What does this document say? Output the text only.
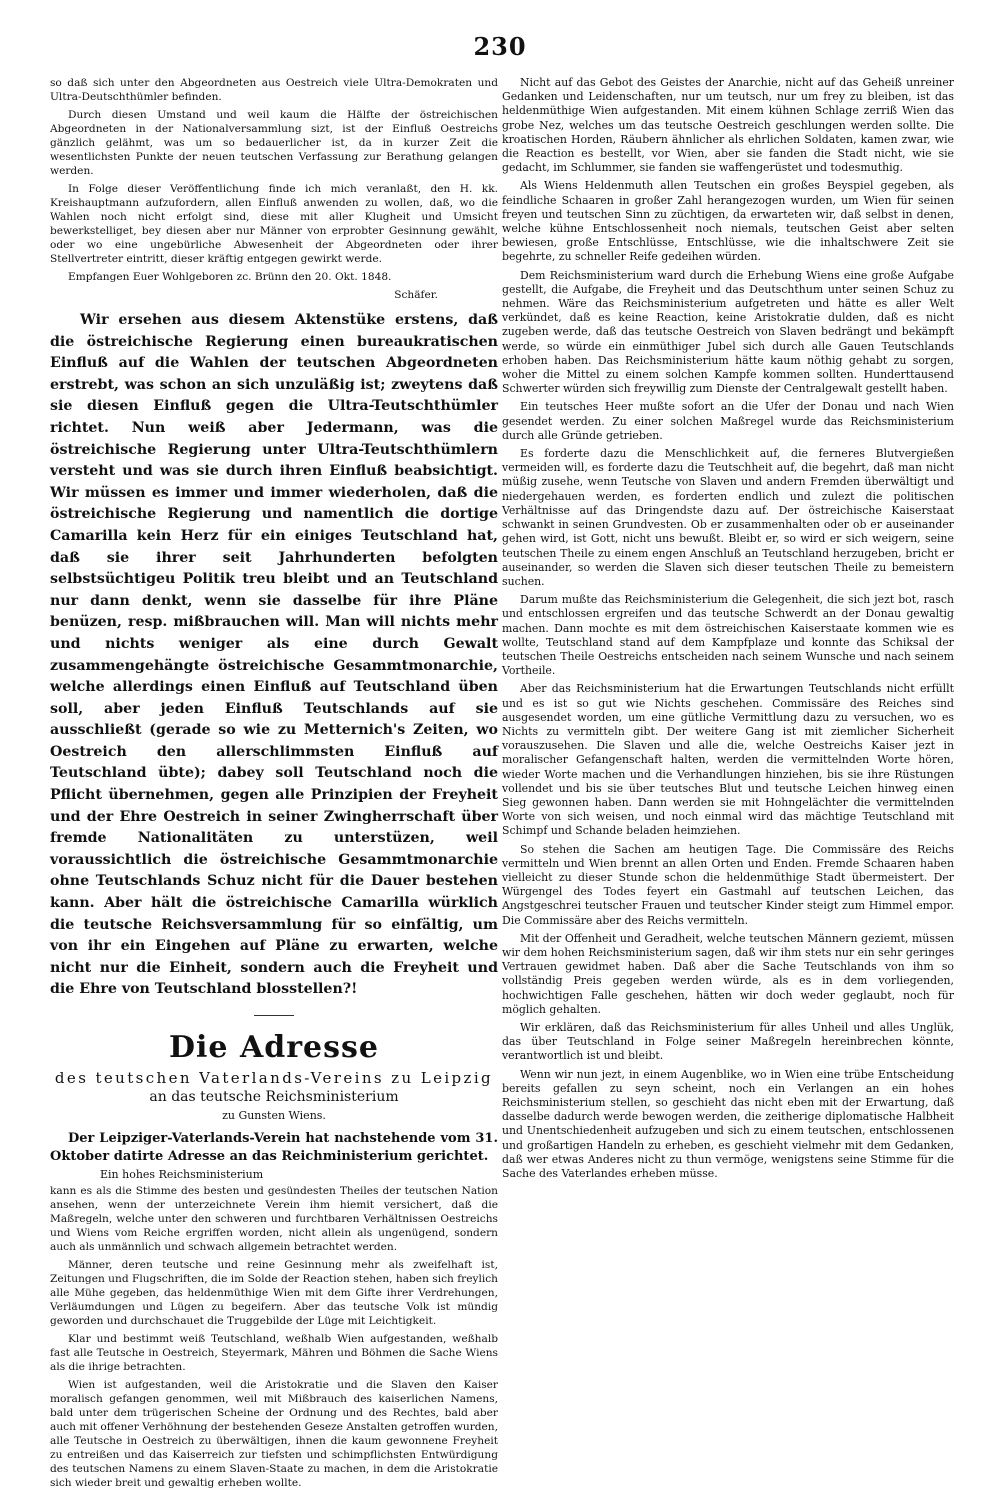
230

so daß sich unter den Abgeordneten aus Oestreich viele Ultra-Demokraten und Ultra-Deutschthümler befinden.

Durch diesen Umstand und weil kaum die Hälfte der östreichischen Abgeordneten in der Nationalversammlung sizt, ist der Einfluß Oestreichs gänzlich gelähmt, was um so bedauerlicher ist, da in kurzer Zeit die wesentlichsten Punkte der neuen teutschen Verfassung zur Berathung gelangen werden.

In Folge dieser Veröffentlichung finde ich mich veranlaßt, den H. kk. Kreishauptmann aufzufordern, allen Einfluß anwenden zu wollen, daß, wo die Wahlen noch nicht erfolgt sind, diese mit aller Klugheit und Umsicht bewerkstelliget, bey diesen aber nur Männer von erprobter Gesinnung gewählt, oder wo eine ungebürliche Abwesenheit der Abgeordneten oder ihrer Stellvertreter eintritt, dieser kräftig entgegen gewirkt werde.

Empfangen Euer Wohlgeboren zc. Brünn den 20. Okt. 1848.

Schäfer.

Wir ersehen aus diesem Aktenstüke erstens, daß die östreichische Regierung einen bureaukratischen Einfluß auf die Wahlen der teutschen Abgeordneten erstrebt, was schon an sich unzuläßig ist; zweytens daß sie diesen Einfluß gegen die Ultra-Teutschthümler richtet. Nun weiß aber Jedermann, was die östreichische Regierung unter Ultra-Teutschthümlern versteht und was sie durch ihren Einfluß beabsichtigt. Wir müssen es immer und immer wiederholen, daß die östreichische Regierung und namentlich die dortige Camarilla kein Herz für ein einiges Teutschland hat, daß sie ihrer seit Jahrhunderten befolgten selbstsüchtigeu Politik treu bleibt und an Teutschland nur dann denkt, wenn sie dasselbe für ihre Pläne benüzen, resp. mißbrauchen will. Man will nichts mehr und nichts weniger als eine durch Gewalt zusammengehängte östreichische Gesammtmonarchie, welche allerdings einen Einfluß auf Teutschland üben soll, aber jeden Einfluß Teutschlands auf sie ausschließt (gerade so wie zu Metternich's Zeiten, wo Oestreich den allerschlimmsten Einfluß auf Teutschland übte); dabey soll Teutschland noch die Pflicht übernehmen, gegen alle Prinzipien der Freyheit und der Ehre Oestreich in seiner Zwingherrschaft über fremde Nationalitäten zu unterstüzen, weil voraussichtlich die östreichische Gesammtmonarchie ohne Teutschlands Schuz nicht für die Dauer bestehen kann. Aber hält die östreichische Camarilla würklich die teutsche Reichsversammlung für so einfältig, um von ihr ein Eingehen auf Pläne zu erwarten, welche nicht nur die Einheit, sondern auch die Freyheit und die Ehre von Teutschland blosstellen?!

Die Adresse
des teutschen Vaterlands-Vereins zu Leipzig
an das teutsche Reichsministerium
zu Gunsten Wiens.

Der Leipziger-Vaterlands-Verein hat nachstehende vom 31. Oktober datirte Adresse an das Reichministerium gerichtet.

Ein hohes Reichsministerium

kann es als die Stimme des besten und gesündesten Theiles der teutschen Nation ansehen, wenn der unterzeichnete Verein ihm hiemit versichert, daß die Maßregeln, welche unter den schweren und furchtbaren Verhältnissen Oestreichs und Wiens vom Reiche ergriffen worden, nicht allein als ungenügend, sondern auch als unmännlich und schwach allgemein betrachtet werden.

Männer, deren teutsche und reine Gesinnung mehr als zweifelhaft ist, Zeitungen und Flugschriften, die im Solde der Reaction stehen, haben sich freylich alle Mühe gegeben, das heldenmüthige Wien mit dem Gifte ihrer Verdrehungen, Verläumdungen und Lügen zu begeifern. Aber das teutsche Volk ist mündig geworden und durchschauet die Truggebilde der Lüge mit Leichtigkeit.

Klar und bestimmt weiß Teutschland, weßhalb Wien aufgestanden, weßhalb fast alle Teutsche in Oestreich, Steyermark, Mähren und Böhmen die Sache Wiens als die ihrige betrachten.

Wien ist aufgestanden, weil die Aristokratie und die Slaven den Kaiser moralisch gefangen genommen, weil mit Mißbrauch des kaiserlichen Namens, bald unter dem trügerischen Scheine der Ordnung und des Rechtes, bald aber auch mit offener Verhöhnung der bestehenden Geseze Anstalten getroffen wurden, alle Teutsche in Oestreich zu überwältigen, ihnen die kaum gewonnene Freyheit zu entreißen und das Kaiserreich zur tiefsten und schimpflichsten Entwürdigung des teutschen Namens zu einem Slaven-Staate zu machen, in dem die Aristokratie sich wieder breit und gewaltig erheben wollte.

Nicht auf das Gebot des Geistes der Anarchie, nicht auf das Geheiß unreiner Gedanken und Leidenschaften, nur um teutsch, nur um frey zu bleiben, ist das heldenmüthige Wien aufgestanden. Mit einem kühnen Schlage zerriß Wien das grobe Nez, welches um das teutsche Oestreich geschlungen werden sollte. Die kroatischen Horden, Räubern ähnlicher als ehrlichen Soldaten, kamen zwar, wie die Reaction es bestellt, vor Wien, aber sie fanden die Stadt nicht, wie sie gedacht, im Schlummer, sie fanden sie waffengerüstet und todesmuthig.

Als Wiens Heldenmuth allen Teutschen ein großes Beyspiel gegeben, als feindliche Schaaren in großer Zahl herangezogen wurden, um Wien für seinen freyen und teutschen Sinn zu züchtigen, da erwarteten wir, daß selbst in denen, welche kühne Entschlossenheit noch niemals, teutschen Geist aber selten bewiesen, große Entschlüsse, Entschlüsse, wie die inhaltschwere Zeit sie begehrte, zu schneller Reife gedeihen würden.

Dem Reichsministerium ward durch die Erhebung Wiens eine große Aufgabe gestellt, die Aufgabe, die Freyheit und das Deutschthum unter seinen Schuz zu nehmen. Wäre das Reichsministerium aufgetreten und hätte es aller Welt verkündet, daß es keine Reaction, keine Aristokratie dulden, daß es nicht zugeben werde, daß das teutsche Oestreich von Slaven bedrängt und bekämpft werde, so würde ein einmüthiger Jubel sich durch alle Gauen Teutschlands erhoben haben. Das Reichsministerium hätte kaum nöthig gehabt zu sorgen, woher die Mittel zu einem solchen Kampfe kommen sollten. Hunderttausend Schwerter würden sich freywillig zum Dienste der Centralgewalt gestellt haben.

Ein teutsches Heer mußte sofort an die Ufer der Donau und nach Wien gesendet werden. Zu einer solchen Maßregel wurde das Reichsministerium durch alle Gründe getrieben.

Es forderte dazu die Menschlichkeit auf, die ferneres Blutvergießen vermeiden will, es forderte dazu die Teutschheit auf, die begehrt, daß man nicht müßig zusehe, wenn Teutsche von Slaven und andern Fremden überwältigt und niedergehauen werden, es forderten endlich und zulezt die politischen Verhältnisse auf das Dringendste dazu auf. Der östreichische Kaiserstaat schwankt in seinen Grundvesten. Ob er zusammenhalten oder ob er auseinander gehen wird, ist Gott, nicht uns bewußt. Bleibt er, so wird er sich weigern, seine teutschen Theile zu einem engen Anschluß an Teutschland herzugeben, bricht er auseinander, so werden die Slaven sich dieser teutschen Theile zu bemeistern suchen.

Darum mußte das Reichsministerium die Gelegenheit, die sich jezt bot, rasch und entschlossen ergreifen und das teutsche Schwerdt an der Donau gewaltig machen. Dann mochte es mit dem östreichischen Kaiserstaate kommen wie es wollte, Teutschland stand auf dem Kampfplaze und konnte das Schiksal der teutschen Theile Oestreichs entscheiden nach seinem Wunsche und nach seinem Vortheile.

Aber das Reichsministerium hat die Erwartungen Teutschlands nicht erfüllt und es ist so gut wie Nichts geschehen. Commissäre des Reiches sind ausgesendet worden, um eine gütliche Vermittlung dazu zu versuchen, wo es Nichts zu vermitteln gibt. Der weitere Gang ist mit ziemlicher Sicherheit vorauszusehen. Die Slaven und alle die, welche Oestreichs Kaiser jezt in moralischer Gefangenschaft halten, werden die vermittelnden Worte hören, wieder Worte machen und die Verhandlungen hinziehen, bis sie ihre Rüstungen vollendet und bis sie über teutsches Blut und teutsche Leichen hinweg einen Sieg gewonnen haben. Dann werden sie mit Hohngelächter die vermittelnden Worte von sich weisen, und noch einmal wird das mächtige Teutschland mit Schimpf und Schande beladen heimziehen.

So stehen die Sachen am heutigen Tage. Die Commissäre des Reichs vermitteln und Wien brennt an allen Orten und Enden. Fremde Schaaren haben vielleicht zu dieser Stunde schon die heldenmüthige Stadt übermeistert. Der Würgengel des Todes feyert ein Gastmahl auf teutschen Leichen, das Angstgeschrei teutscher Frauen und teutscher Kinder steigt zum Himmel empor. Die Commissäre aber des Reichs vermitteln.

Mit der Offenheit und Geradheit, welche teutschen Männern geziemt, müssen wir dem hohen Reichsministerium sagen, daß wir ihm stets nur ein sehr geringes Vertrauen gewidmet haben. Daß aber die Sache Teutschlands von ihm so vollständig Preis gegeben werden würde, als es in dem vorliegenden, hochwichtigen Falle geschehen, hätten wir doch weder geglaubt, noch für möglich gehalten.

Wir erklären, daß das Reichsministerium für alles Unheil und alles Unglük, das über Teutschland in Folge seiner Maßregeln hereinbrechen könnte, verantwortlich ist und bleibt.

Wenn wir nun jezt, in einem Augenblike, wo in Wien eine trübe Entscheidung bereits gefallen zu seyn scheint, noch ein Verlangen an ein hohes Reichsministerium stellen, so geschieht das nicht eben mit der Erwartung, daß dasselbe dadurch werde bewogen werden, die zeitherige diplomatische Halbheit und Unentschiedenheit aufzugeben und sich zu einem teutschen, entschlossenen und großartigen Handeln zu erheben, es geschieht vielmehr mit dem Gedanken, daß wer etwas Anderes nicht zu thun vermöge, wenigstens seine Stimme für die Sache des Vaterlandes erheben müsse.
